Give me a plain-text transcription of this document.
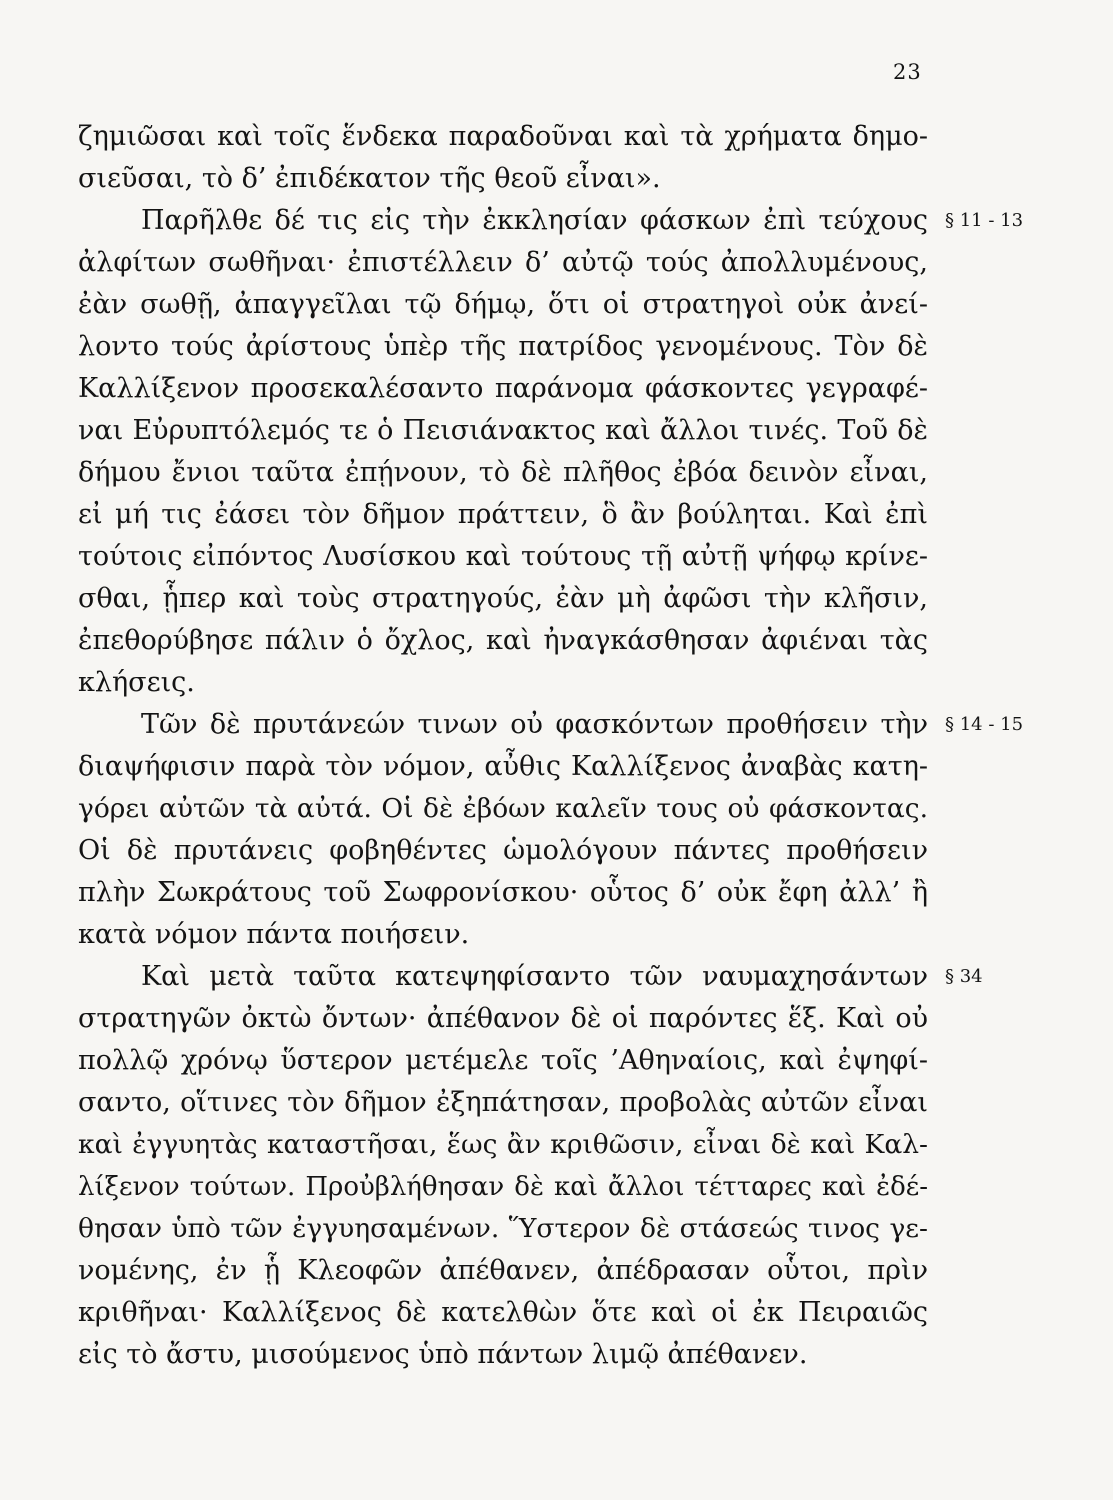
23
ζημιῶσαι καὶ τοῖς ἕνδεκα παραδοῦναι καὶ τὰ χρήματα δημο-
σιεῦσαι, τὸ δ’ ἐπιδέκατον τῆς θεοῦ εἶναι».
Παρῆλθε δέ τις εἰς τὴν ἐκκλησίαν φάσκων ἐπὶ τεύχους
ἀλφίτων σωθῆναι· ἐπιστέλλειν δ’ αὐτῷ τούς ἀπολλυμένους,
ἐὰν σωθῇ, ἀπαγγεῖλαι τῷ δήμῳ, ὅτι οἱ στρατηγοὶ οὐκ ἀνεί-
λοντο τούς ἀρίστους ὑπὲρ τῆς πατρίδος γενομένους. Τὸν δὲ
Καλλίξενον προσεκαλέσαντο παράνομα φάσκοντες γεγραφέ-
ναι Εὐρυπτόλεμός τε ὁ Πεισιάνακτος καὶ ἄλλοι τινές. Τοῦ δὲ
δήμου ἔνιοι ταῦτα ἐπῄνουν, τὸ δὲ πλῆθος ἐβόα δεινὸν εἶναι,
εἰ μή τις ἐάσει τὸν δῆμον πράττειν, ὃ ἂν βούληται. Καὶ ἐπὶ
τούτοις εἰπόντος Λυσίσκου καὶ τούτους τῇ αὐτῇ ψήφῳ κρίνε-
σθαι, ᾗπερ καὶ τοὺς στρατηγούς, ἐὰν μὴ ἀφῶσι τὴν κλῆσιν,
ἐπεθορύβησε πάλιν ὁ ὄχλος, καὶ ἠναγκάσθησαν ἀφιέναι τὰς
κλήσεις.
Τῶν δὲ πρυτάνεών τινων οὐ φασκόντων προθήσειν τὴν
διαψήφισιν παρὰ τὸν νόμον, αὖθις Καλλίξενος ἀναβὰς κατη-
γόρει αὐτῶν τὰ αὐτά. Οἱ δὲ ἐβόων καλεῖν τους οὐ φάσκοντας.
Οἱ δὲ πρυτάνεις φοβηθέντες ὡμολόγουν πάντες προθήσειν
πλὴν Σωκράτους τοῦ Σωφρονίσκου· οὗτος δ’ οὐκ ἔφη ἀλλ’ ἢ
κατὰ νόμον πάντα ποιήσειν.
Καὶ μετὰ ταῦτα κατεψηφίσαντο τῶν ναυμαχησάντων
στρατηγῶν ὀκτὼ ὄντων· ἀπέθανον δὲ οἱ παρόντες ἕξ. Καὶ οὐ
πολλῷ χρόνῳ ὕστερον μετέμελε τοῖς ’Αθηναίοις, καὶ ἐψηφί-
σαντο, οἵτινες τὸν δῆμον ἐξηπάτησαν, προβολὰς αὐτῶν εἶναι
καὶ ἐγγυητὰς καταστῆσαι, ἕως ἂν κριθῶσιν, εἶναι δὲ καὶ Καλ-
λίξενον τούτων. Προὐβλήθησαν δὲ καὶ ἄλλοι τέτταρες καὶ ἐδέ-
θησαν ὑπὸ τῶν ἐγγυησαμένων. Ὕστερον δὲ στάσεώς τινος γε-
νομένης, ἐν ᾗ Κλεοφῶν ἀπέθανεν, ἀπέδρασαν οὗτοι, πρὶν
κριθῆναι· Καλλίξενος δὲ κατελθὼν ὅτε καὶ οἱ ἐκ Πειραιῶς
εἰς τὸ ἄστυ, μισούμενος ὑπὸ πάντων λιμῷ ἀπέθανεν.
§ 11 - 13
§ 14 - 15
§ 34
